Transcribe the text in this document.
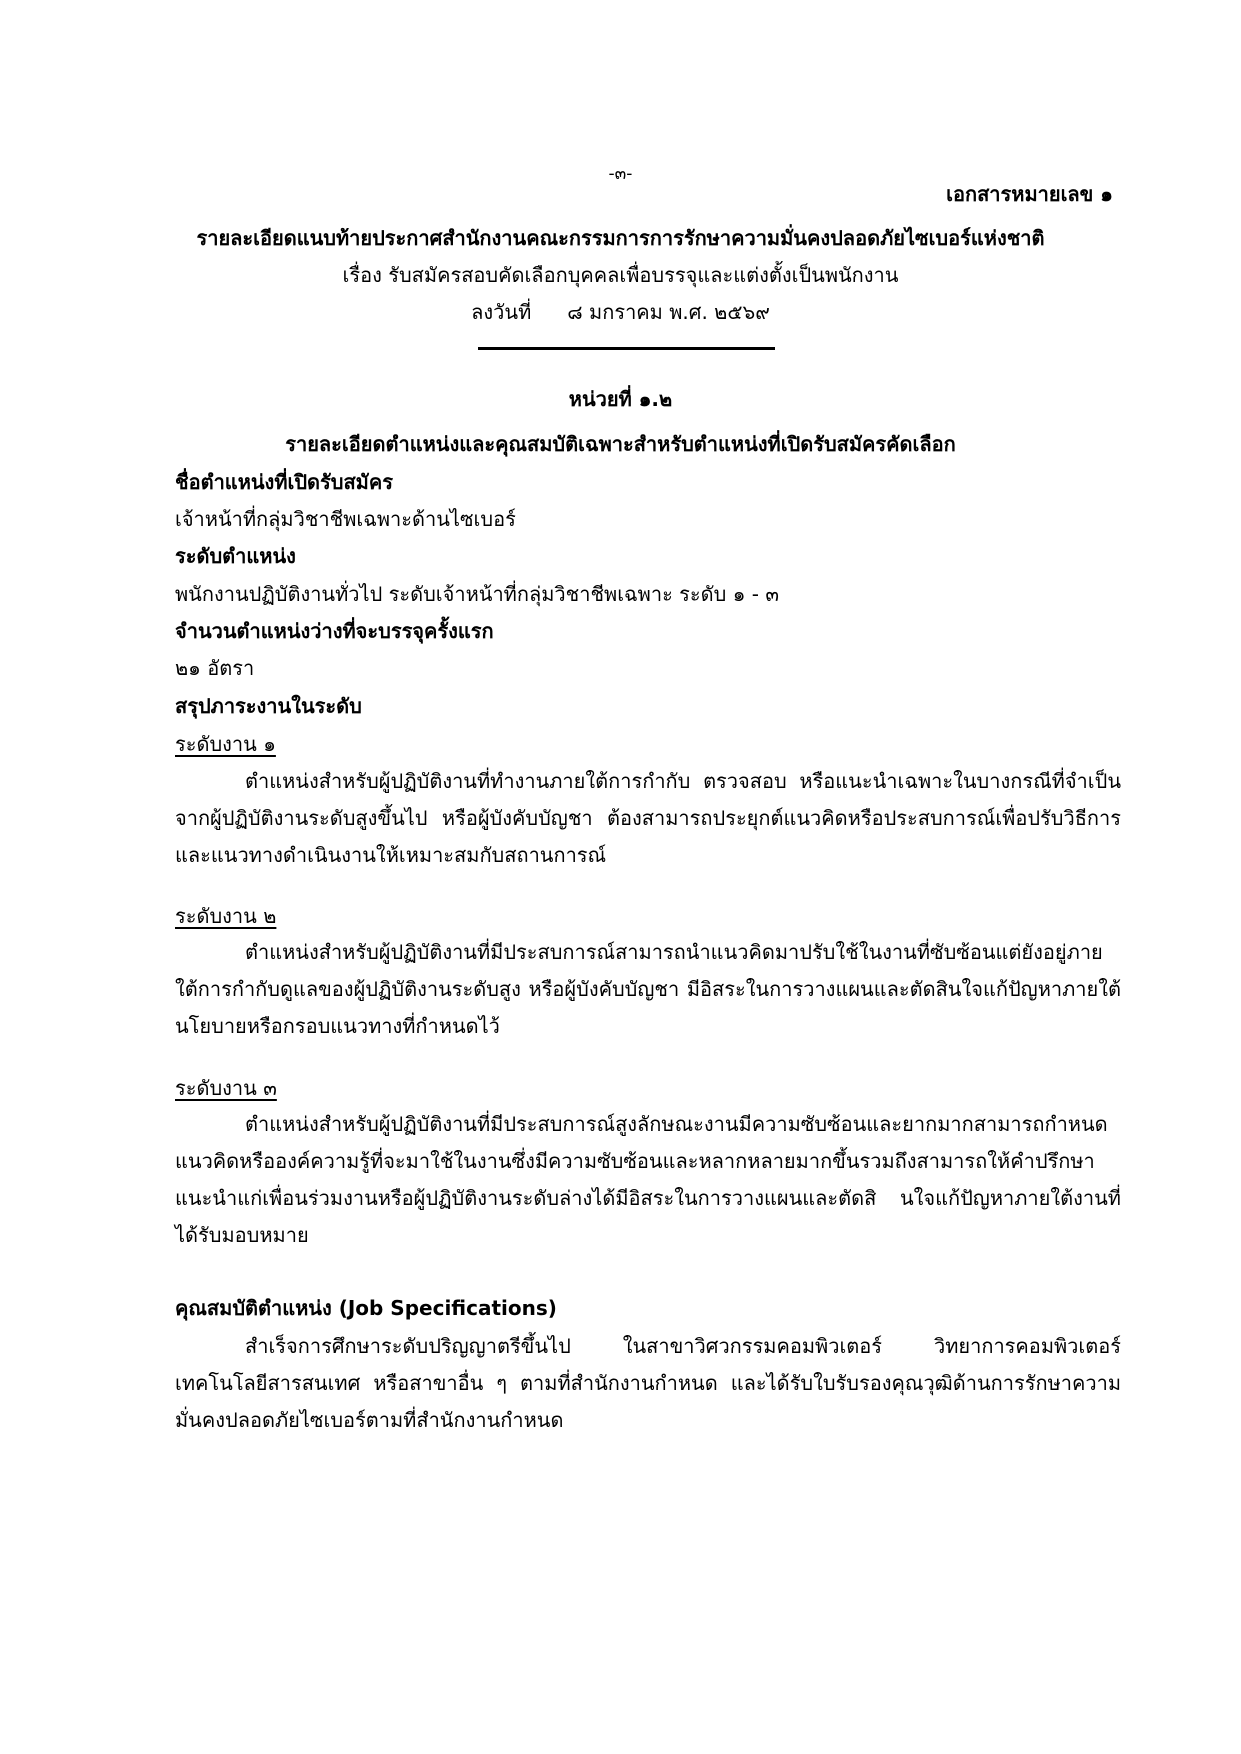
-๓-
เอกสารหมายเลข ๑
รายละเอียดแนบท้ายประกาศสำนักงานคณะกรรมการการรักษาความมั่นคงปลอดภัยไซเบอร์แห่งชาติ
เรื่อง รับสมัครสอบคัดเลือกบุคคลเพื่อบรรจุและแต่งตั้งเป็นพนักงาน
ลงวันที่ ๘ มกราคม พ.ศ. ๒๕๖๙
หน่วยที่ ๑.๒
รายละเอียดตำแหน่งและคุณสมบัติเฉพาะสำหรับตำแหน่งที่เปิดรับสมัครคัดเลือก
ชื่อตำแหน่งที่เปิดรับสมัคร
เจ้าหน้าที่กลุ่มวิชาชีพเฉพาะด้านไซเบอร์
ระดับตำแหน่ง
พนักงานปฏิบัติงานทั่วไป ระดับเจ้าหน้าที่กลุ่มวิชาชีพเฉพาะ ระดับ ๑ - ๓
จำนวนตำแหน่งว่างที่จะบรรจุครั้งแรก
๒๑ อัตรา
สรุปภาระงานในระดับ
ระดับงาน ๑

ตำแหน่งสำหรับผู้ปฏิบัติงานที่ทำงานภายใต้การกำกับ ตรวจสอบ หรือแนะนำเฉพาะในบางกรณีที่จำเป็น จากผู้ปฏิบัติงานระดับสูงขึ้นไป หรือผู้บังคับบัญชา ต้องสามารถประยุกต์แนวคิดหรือประสบการณ์เพื่อปรับวิธีการและแนวทางดำเนินงานให้เหมาะสมกับสถานการณ์

ระดับงาน ๒

ตำแหน่งสำหรับผู้ปฏิบัติงานที่มีประสบการณ์สามารถนำแนวคิดมาปรับใช้ในงานที่ซับซ้อนแต่ยังอยู่ภายใต้การกำกับดูแลของผู้ปฏิบัติงานระดับสูง หรือผู้บังคับบัญชา มีอิสระในการวางแผนและตัดสินใจแก้ปัญหาภายใต้นโยบายหรือกรอบแนวทางที่กำหนดไว้

ระดับงาน ๓

ตำแหน่งสำหรับผู้ปฏิบัติงานที่มีประสบการณ์สูงลักษณะงานมีความซับซ้อนและยากมากสามารถกำหนดแนวคิดหรือองค์ความรู้ที่จะมาใช้ในงานซึ่งมีความซับซ้อนและหลากหลายมากขึ้นรวมถึงสามารถให้คำปรึกษาแนะนำแก่เพื่อนร่วมงานหรือผู้ปฏิบัติงานระดับล่างได้มีอิสระในการวางแผนและตัดสิ นใจแก้ปัญหาภายใต้งานที่ได้รับมอบหมาย

คุณสมบัติตำแหน่ง (Job Specifications)

สำเร็จการศึกษาระดับปริญญาตรีขึ้นไป ในสาขาวิศวกรรมคอมพิวเตอร์ วิทยาการคอมพิวเตอร์ เทคโนโลยีสารสนเทศ หรือสาขาอื่น ๆ ตามที่สำนักงานกำหนด และได้รับใบรับรองคุณวุฒิด้านการรักษาความมั่นคงปลอดภัยไซเบอร์ตามที่สำนักงานกำหนด
